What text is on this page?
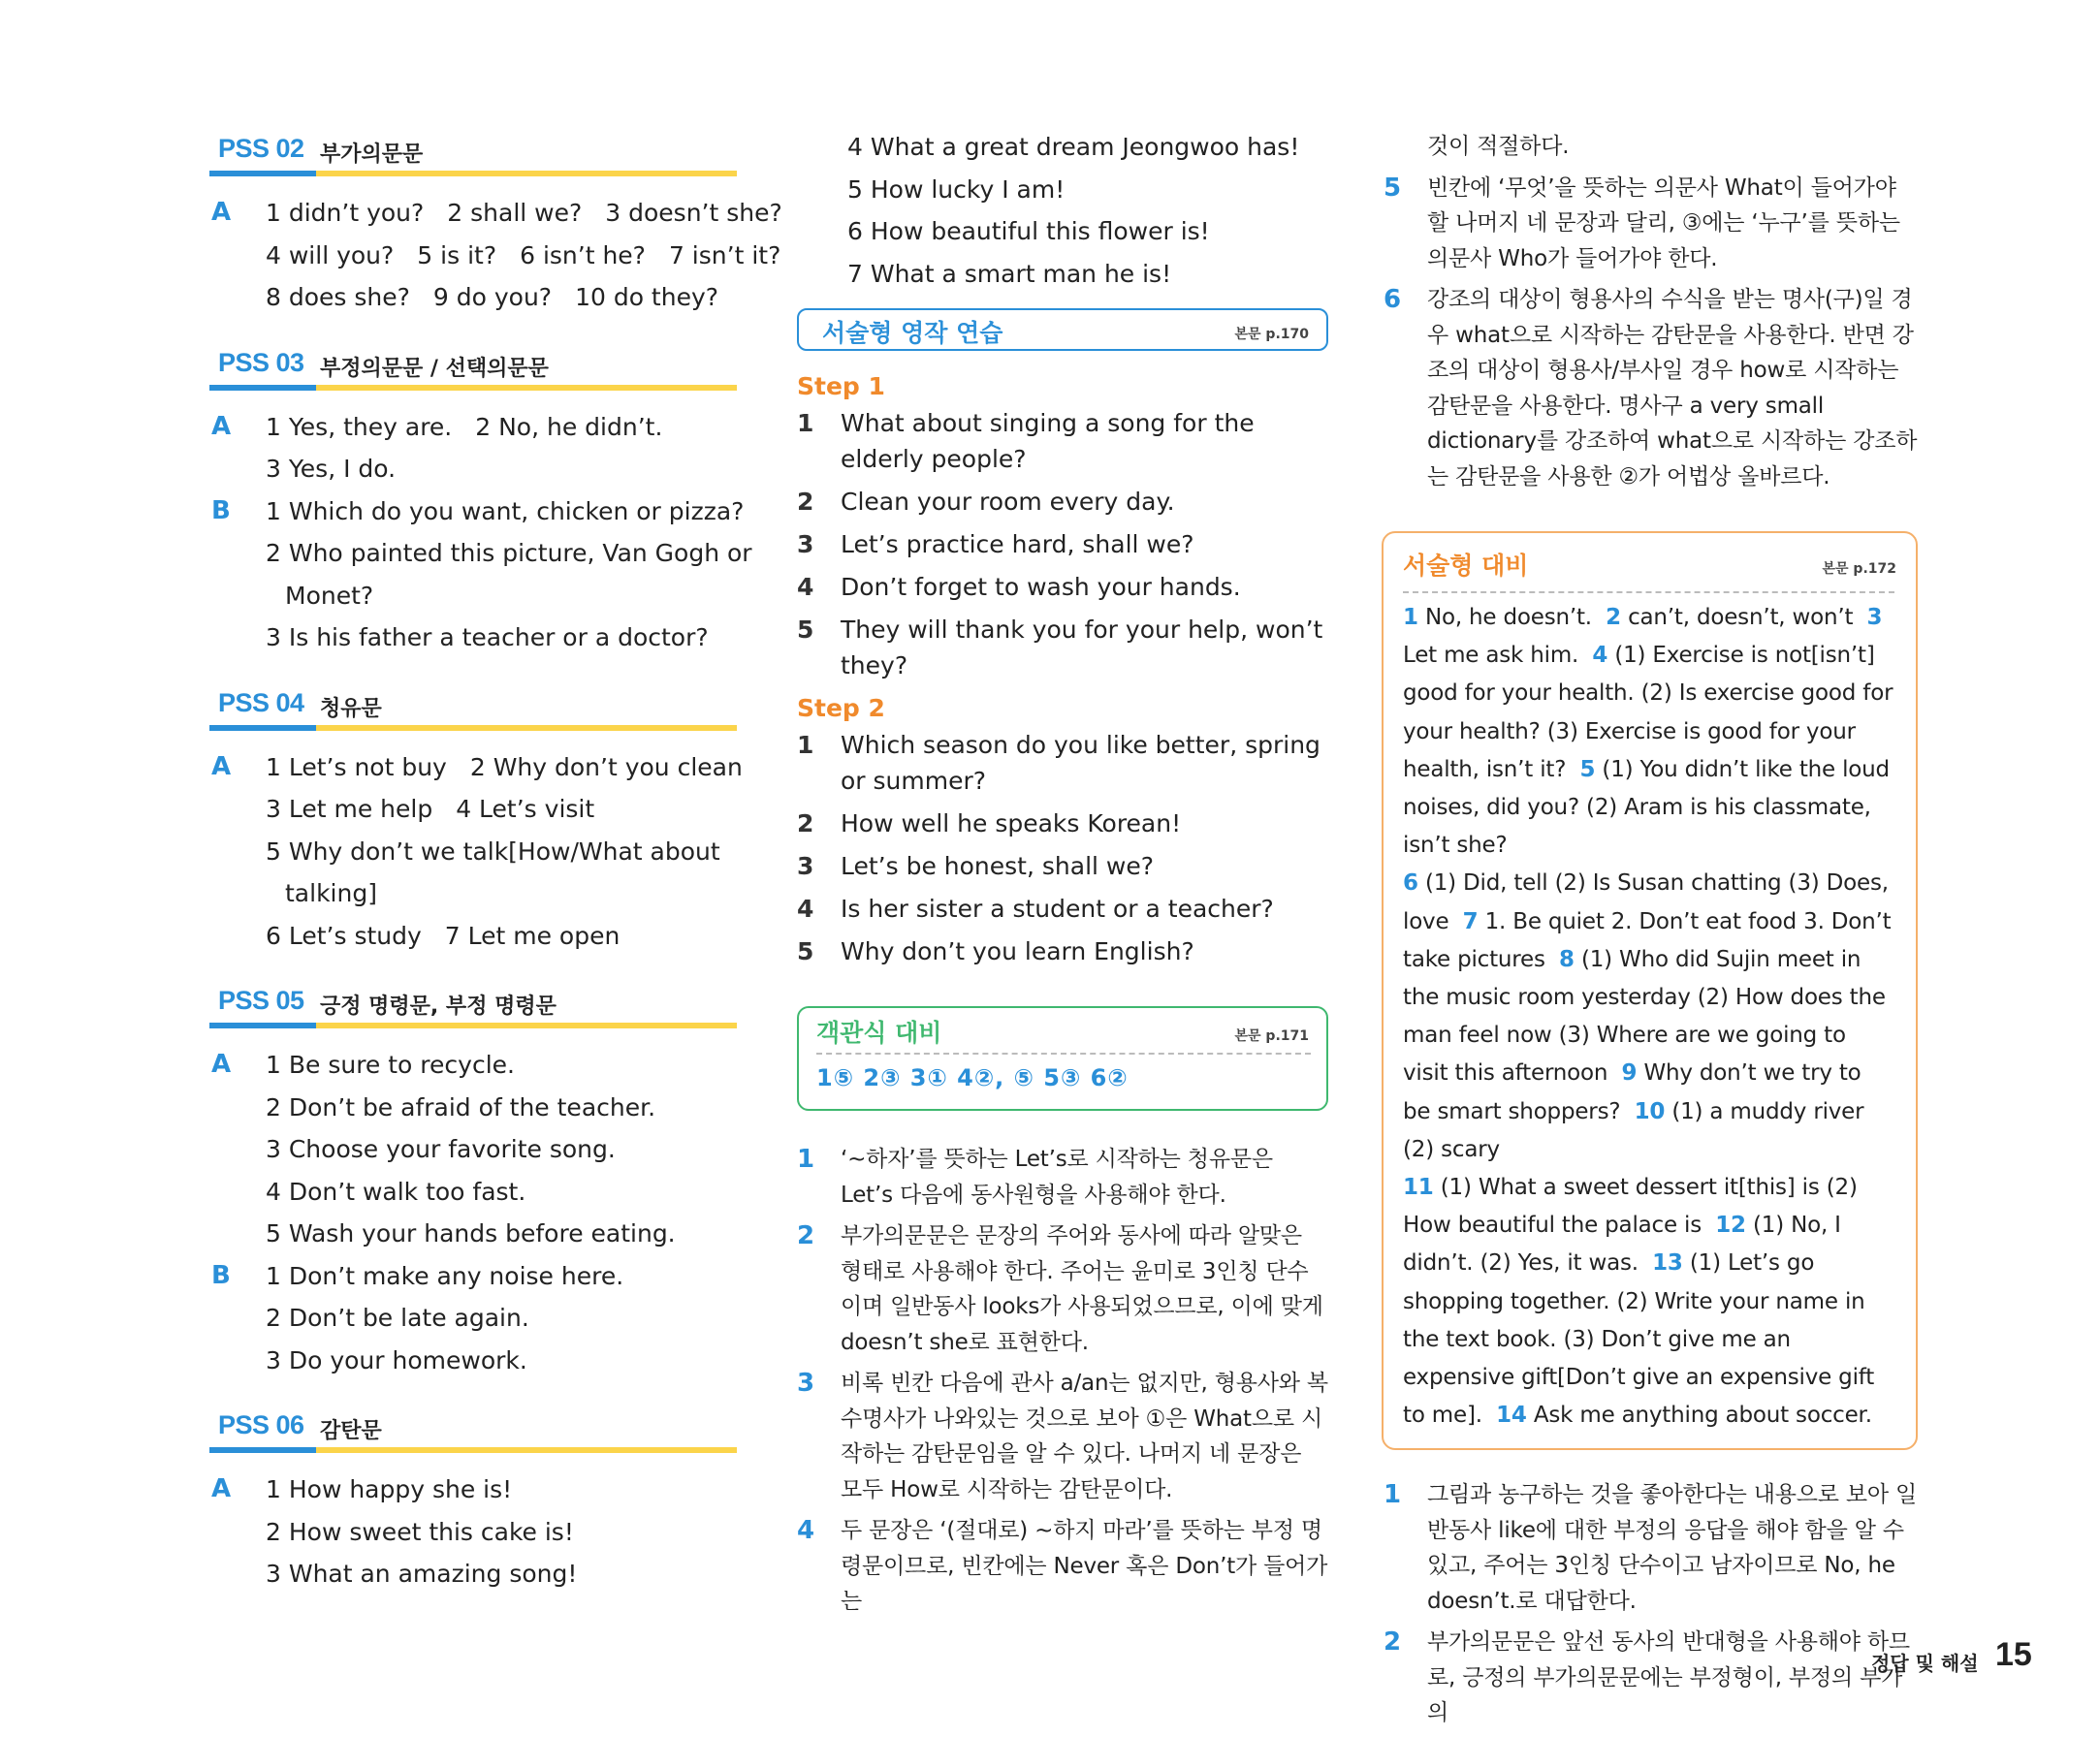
PSS 02 부가의문문
A 1 didn’t you? 2 shall we? 3 doesn’t she?
4 will you? 5 is it? 6 isn’t he? 7 isn’t it?
8 does she? 9 do you? 10 do they?
PSS 03 부정의문문 / 선택의문문
A 1 Yes, they are. 2 No, he didn’t.
3 Yes, I do.
B 1 Which do you want, chicken or pizza?
2 Who painted this picture, Van Gogh or
Monet?
3 Is his father a teacher or a doctor?
PSS 04 청유문
A 1 Let’s not buy 2 Why don’t you clean
3 Let me help 4 Let’s visit
5 Why don’t we talk[How/What about
talking]
6 Let’s study 7 Let me open
PSS 05 긍정 명령문, 부정 명령문
A 1 Be sure to recycle.
2 Don’t be afraid of the teacher.
3 Choose your favorite song.
4 Don’t walk too fast.
5 Wash your hands before eating.
B 1 Don’t make any noise here.
2 Don’t be late again.
3 Do your homework.
PSS 06 감탄문
A 1 How happy she is!
2 How sweet this cake is!
3 What an amazing song!
4 What a great dream Jeongwoo has!
5 How lucky I am!
6 How beautiful this flower is!
7 What a smart man he is!
서술형 영작 연습	본문 p.170
Step 1
1 What about singing a song for the elderly people?
2 Clean your room every day.
3 Let’s practice hard, shall we?
4 Don’t forget to wash your hands.
5 They will thank you for your help, won’t they?
Step 2
1 Which season do you like better, spring or summer?
2 How well he speaks Korean!
3 Let’s be honest, shall we?
4 Is her sister a student or a teacher?
5 Why don’t you learn English?
객관식 대비	본문 p.171
1⑤ 2③ 3① 4②, ⑤ 5③ 6②
1 ‘~하자’를 뜻하는 Let’s로 시작하는 청유문은 Let’s 다음에 동사원형을 사용해야 한다.
2 부가의문문은 문장의 주어와 동사에 따라 알맞은 형태로 사용해야 한다. 주어는 윤미로 3인칭 단수이며 일반동사 looks가 사용되었으므로, 이에 맞게 doesn’t she로 표현한다.
3 비록 빈칸 다음에 관사 a/an는 없지만, 형용사와 복수명사가 나와있는 것으로 보아 ①은 What으로 시작하는 감탄문임을 알 수 있다. 나머지 네 문장은 모두 How로 시작하는 감탄문이다.
4 두 문장은 ‘(절대로) ~하지 마라’를 뜻하는 부정 명령문이므로, 빈칸에는 Never 혹은 Don’t가 들어가는
것이 적절하다.
5 빈칸에 ‘무엇’을 뜻하는 의문사 What이 들어가야 할 나머지 네 문장과 달리, ③에는 ‘누구’를 뜻하는 의문사 Who가 들어가야 한다.
6 강조의 대상이 형용사의 수식을 받는 명사(구)일 경우 what으로 시작하는 감탄문을 사용한다. 반면 강조의 대상이 형용사/부사일 경우 how로 시작하는 감탄문을 사용한다. 명사구 a very small dictionary를 강조하여 what으로 시작하는 강조하는 감탄문을 사용한 ②가 어법상 올바르다.
서술형 대비	본문 p.172
1 No, he doesn’t. 2 can’t, doesn’t, won’t 3 Let me ask him. 4 (1) Exercise is not[isn’t] good for your health. (2) Is exercise good for your health? (3) Exercise is good for your health, isn’t it? 5 (1) You didn’t like the loud noises, did you? (2) Aram is his classmate, isn’t she?
6 (1) Did, tell (2) Is Susan chatting (3) Does, love 7 1. Be quiet 2. Don’t eat food 3. Don’t take pictures 8 (1) Who did Sujin meet in the music room yesterday (2) How does the man feel now (3) Where are we going to visit this afternoon 9 Why don’t we try to be smart shoppers? 10 (1) a muddy river (2) scary
11 (1) What a sweet dessert it[this] is (2) How beautiful the palace is 12 (1) No, I didn’t. (2) Yes, it was. 13 (1) Let’s go shopping together. (2) Write your name in the text book. (3) Don’t give me an expensive gift[Don’t give an expensive gift to me]. 14 Ask me anything about soccer.
1 그림과 농구하는 것을 좋아한다는 내용으로 보아 일반동사 like에 대한 부정의 응답을 해야 함을 알 수 있고, 주어는 3인칭 단수이고 남자이므로 No, he doesn’t.로 대답한다.
2 부가의문문은 앞선 동사의 반대형을 사용해야 하므로, 긍정의 부가의문문에는 부정형이, 부정의 부가의
정답 및 해설 15
